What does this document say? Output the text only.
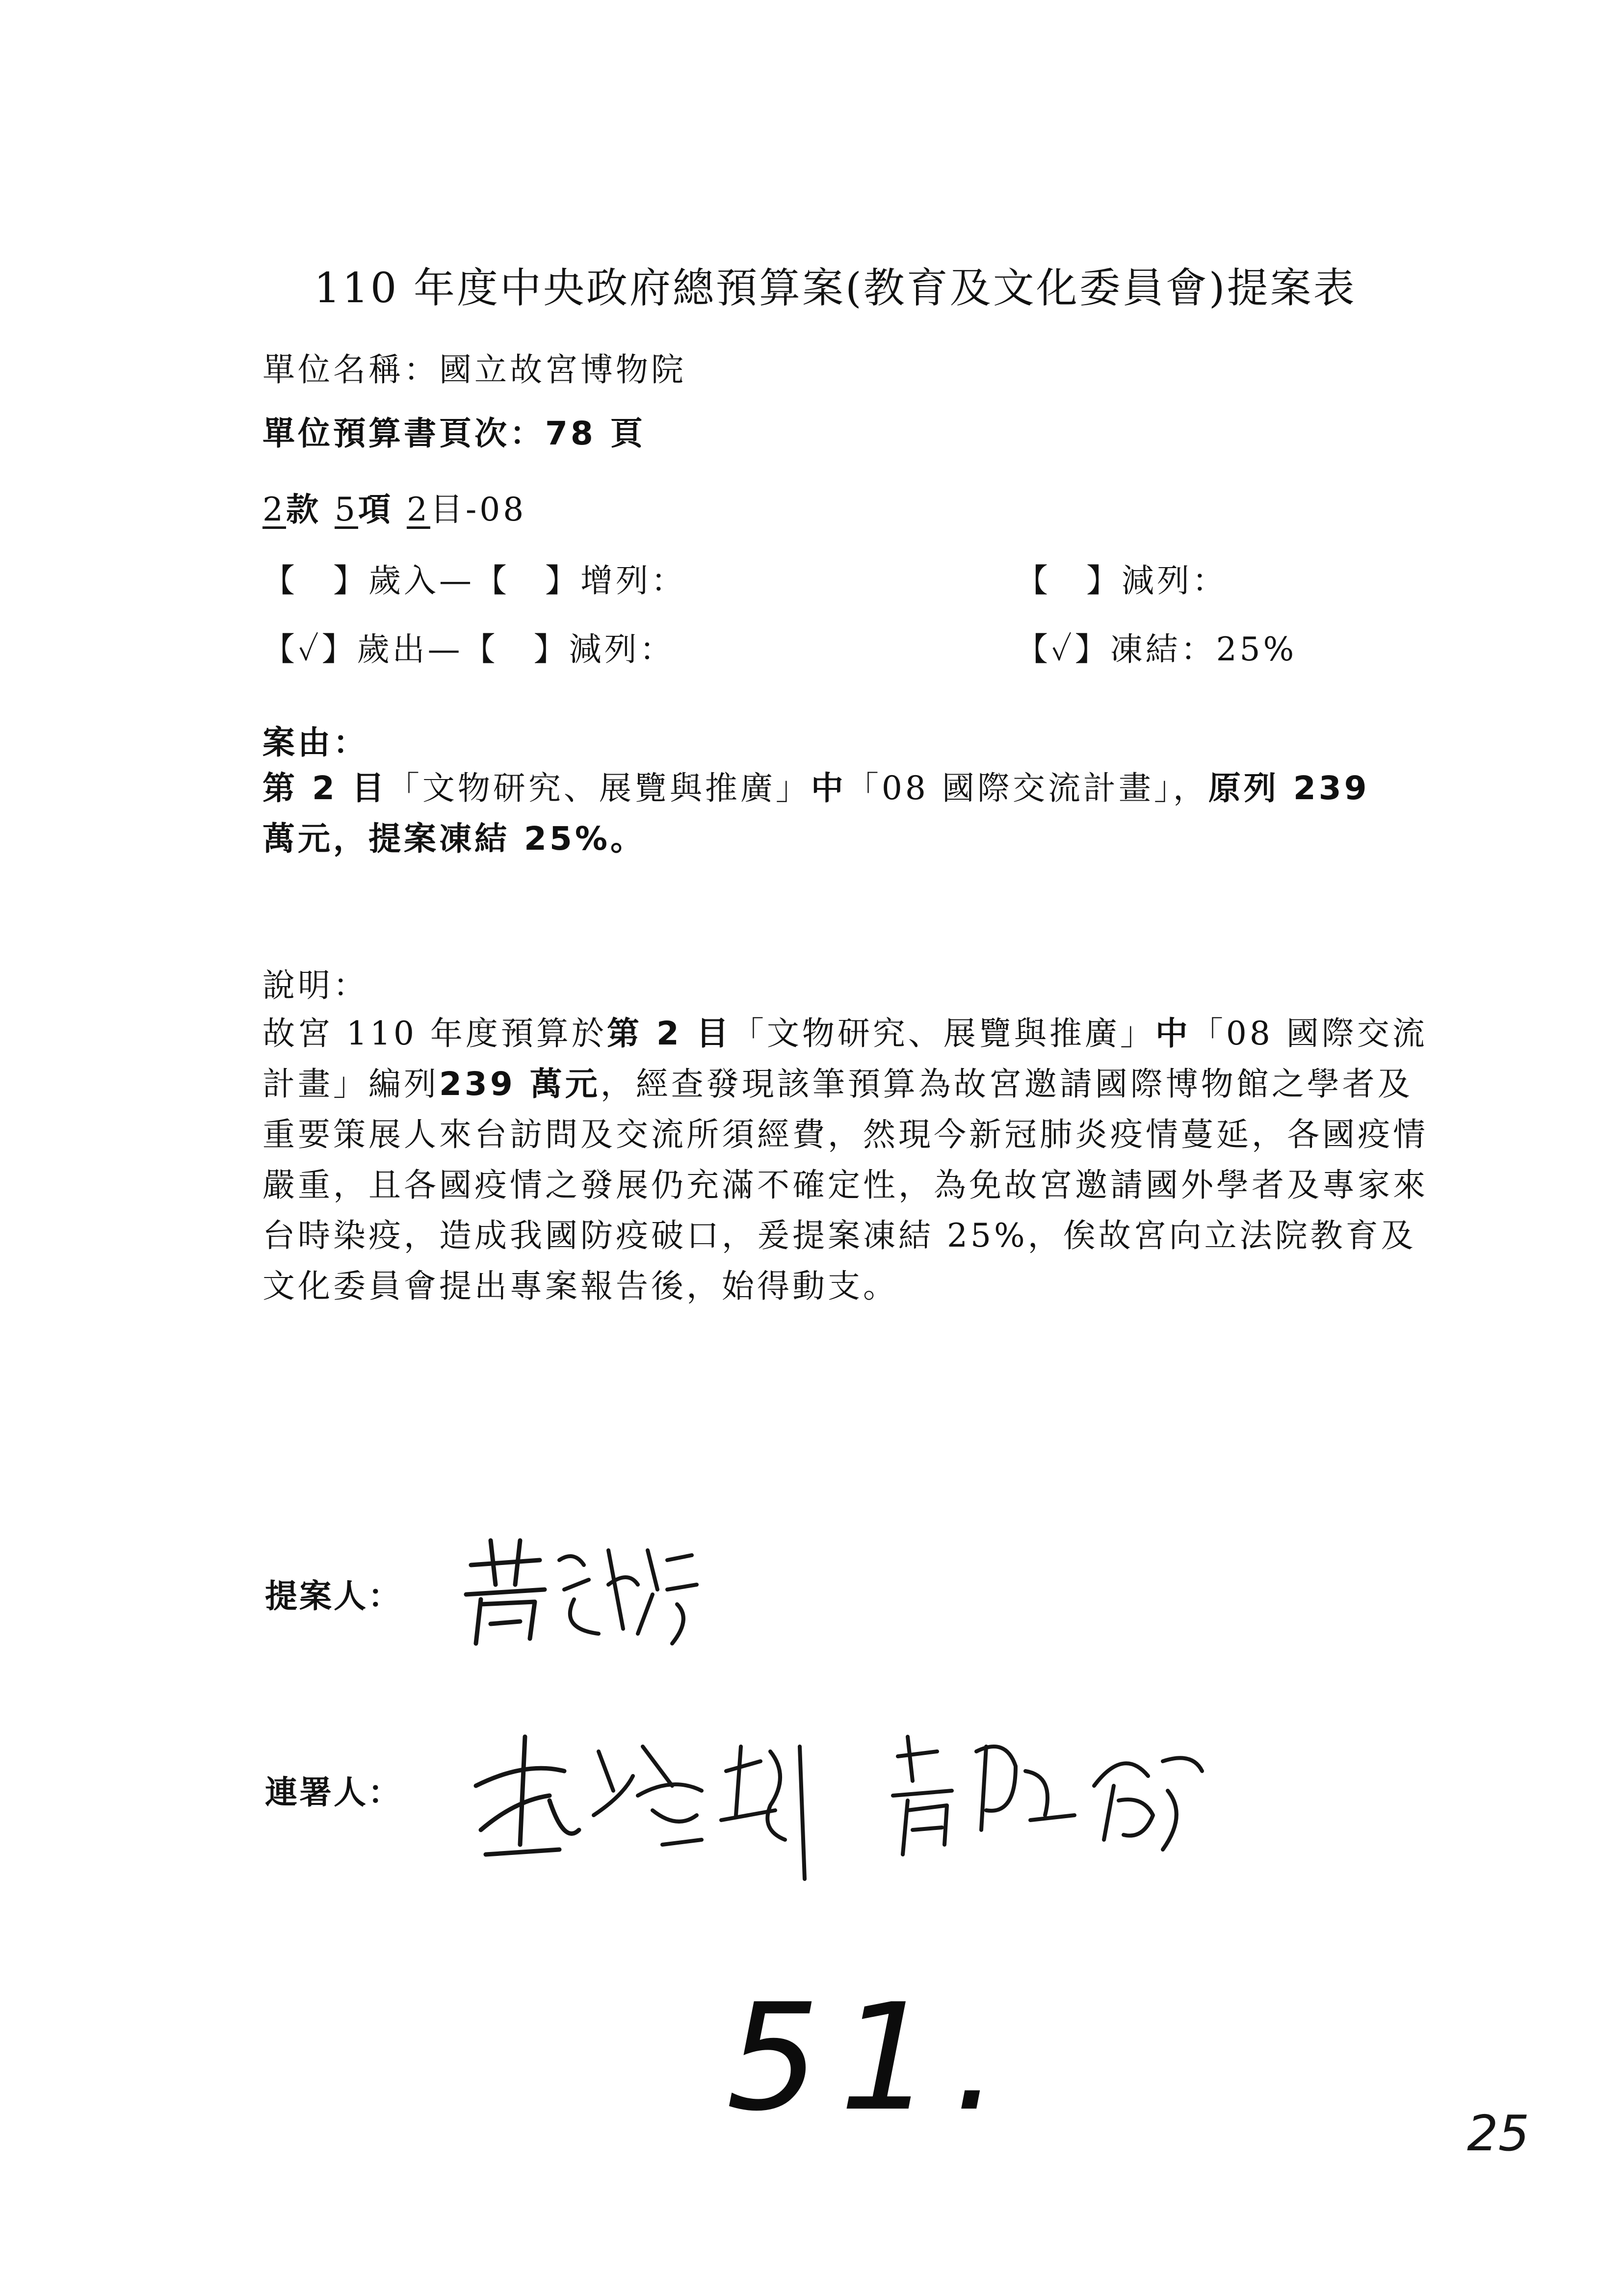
110 年度中央政府總預算案(教育及文化委員會)提案表
單位名稱：國立故宮博物院
單位預算書頁次：78 頁
2款 5項 2目-08
【　】歲入—【　】增列：	【　】減列：
【✓】歲出—【　】減列：	【✓】凍結：25%
案由：
第 2 目「文物研究、展覽與推廣」中「08 國際交流計畫」，原列 239
萬元，提案凍結 25%。
說明：
故宮 110 年度預算於第 2 目「文物研究、展覽與推廣」中「08 國際交流計畫」編列239 萬元，經查發現該筆預算為故宮邀請國際博物館之學者及重要策展人來台訪問及交流所須經費，然現今新冠肺炎疫情蔓延，各國疫情嚴重，且各國疫情之發展仍充滿不確定性，為免故宮邀請國外學者及專家來台時染疫，造成我國防疫破口，爰提案凍結 25%，俟故宮向立法院教育及文化委員會提出專案報告後，始得動支。
提案人：
連署人：
51.	25
